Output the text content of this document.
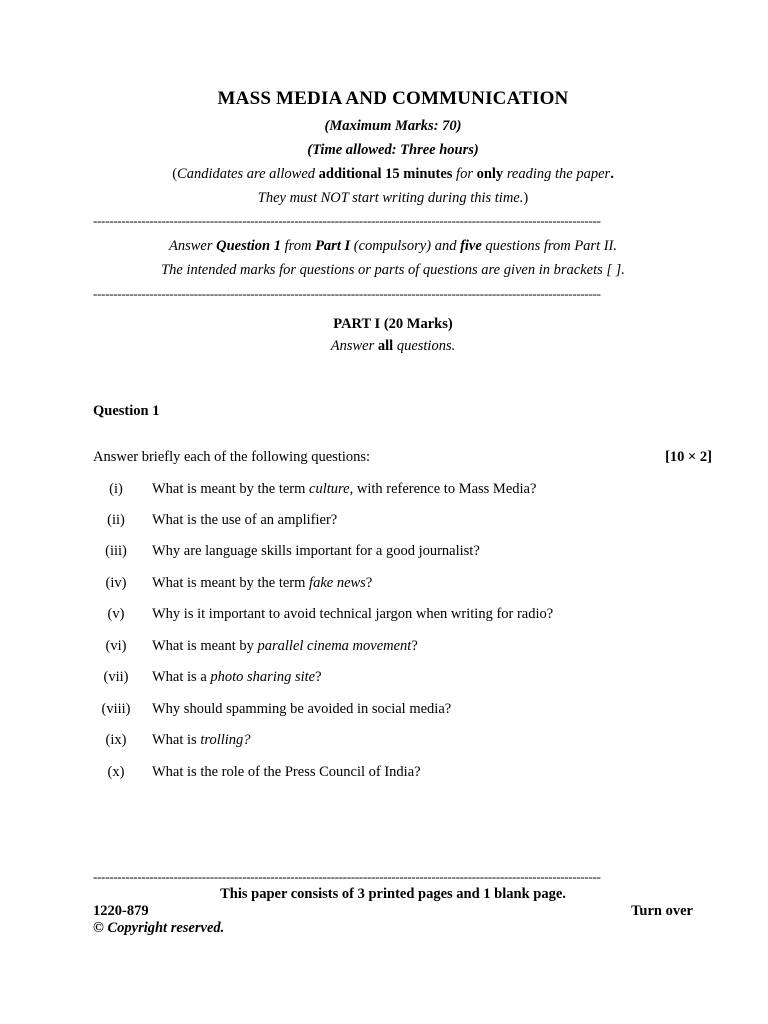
MASS MEDIA AND COMMUNICATION
(Maximum Marks: 70)
(Time allowed: Three hours)
(Candidates are allowed additional 15 minutes for only reading the paper.
They must NOT start writing during this time.)
------------------------------------------------------------------------------------------------------------------------------
Answer Question 1 from Part I (compulsory) and five questions from Part II.
The intended marks for questions or parts of questions are given in brackets [ ].
------------------------------------------------------------------------------------------------------------------------------
PART I (20 Marks)
Answer all questions.
Question 1
Answer briefly each of the following questions:	[10 × 2]
(i)	What is meant by the term culture, with reference to Mass Media?
(ii)	What is the use of an amplifier?
(iii)	Why are language skills important for a good journalist?
(iv)	What is meant by the term fake news?
(v)	Why is it important to avoid technical jargon when writing for radio?
(vi)	What is meant by parallel cinema movement?
(vii)	What is a photo sharing site?
(viii)	Why should spamming be avoided in social media?
(ix)	What is trolling?
(x)	What is the role of the Press Council of India?
------------------------------------------------------------------------------------------------------------------------------
This paper consists of 3 printed pages and 1 blank page.
1220-879	Turn over
© Copyright reserved.
